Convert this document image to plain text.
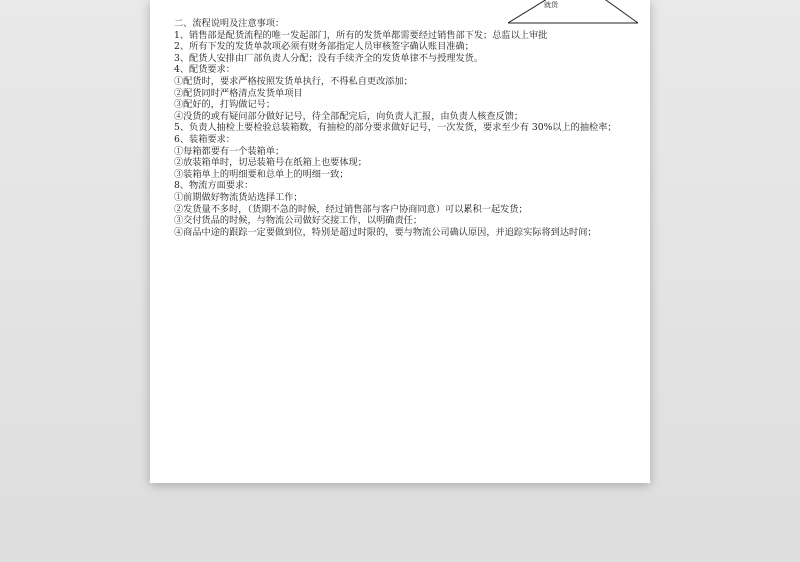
就货
二、流程说明及注意事项：
1、销售部是配货流程的唯一发起部门，所有的发货单都需要经过销售部下发；总监以上审批
2、所有下发的发货单款项必须有财务部指定人员审核签字确认账目准确；
3、配货人安排由厂部负责人分配；没有手续齐全的发货单律不与授理发货。
4、配货要求：
①配货时，要求严格按照发货单执行，不得私自更改添加；
②配货同时严格清点发货单项目
③配好的，打钩做记号；
④没货的或有疑问部分做好记号，待全部配完后，向负责人汇报，由负责人核查反馈；
5、负责人抽检上要检验总装箱数，有抽检的部分要求做好记号，一次发货，要求至少有 30%以上的抽检率；
6、装箱要求：
①每箱都要有一个装箱单；
②放装箱单时，切忌装箱号在纸箱上也要体现；
③装箱单上的明细要和总单上的明细一致；
8、物流方面要求：
①前期做好物流货站选择工作；
②发货量不多时，（货期不急的时候，经过销售部与客户协商同意）可以累积一起发货；
③交付货品的时候，与物流公司做好交接工作，以明确责任；
④商品中途的跟踪一定要做到位，特别是超过时限的，要与物流公司确认原因，并追踪实际将到达时间；
